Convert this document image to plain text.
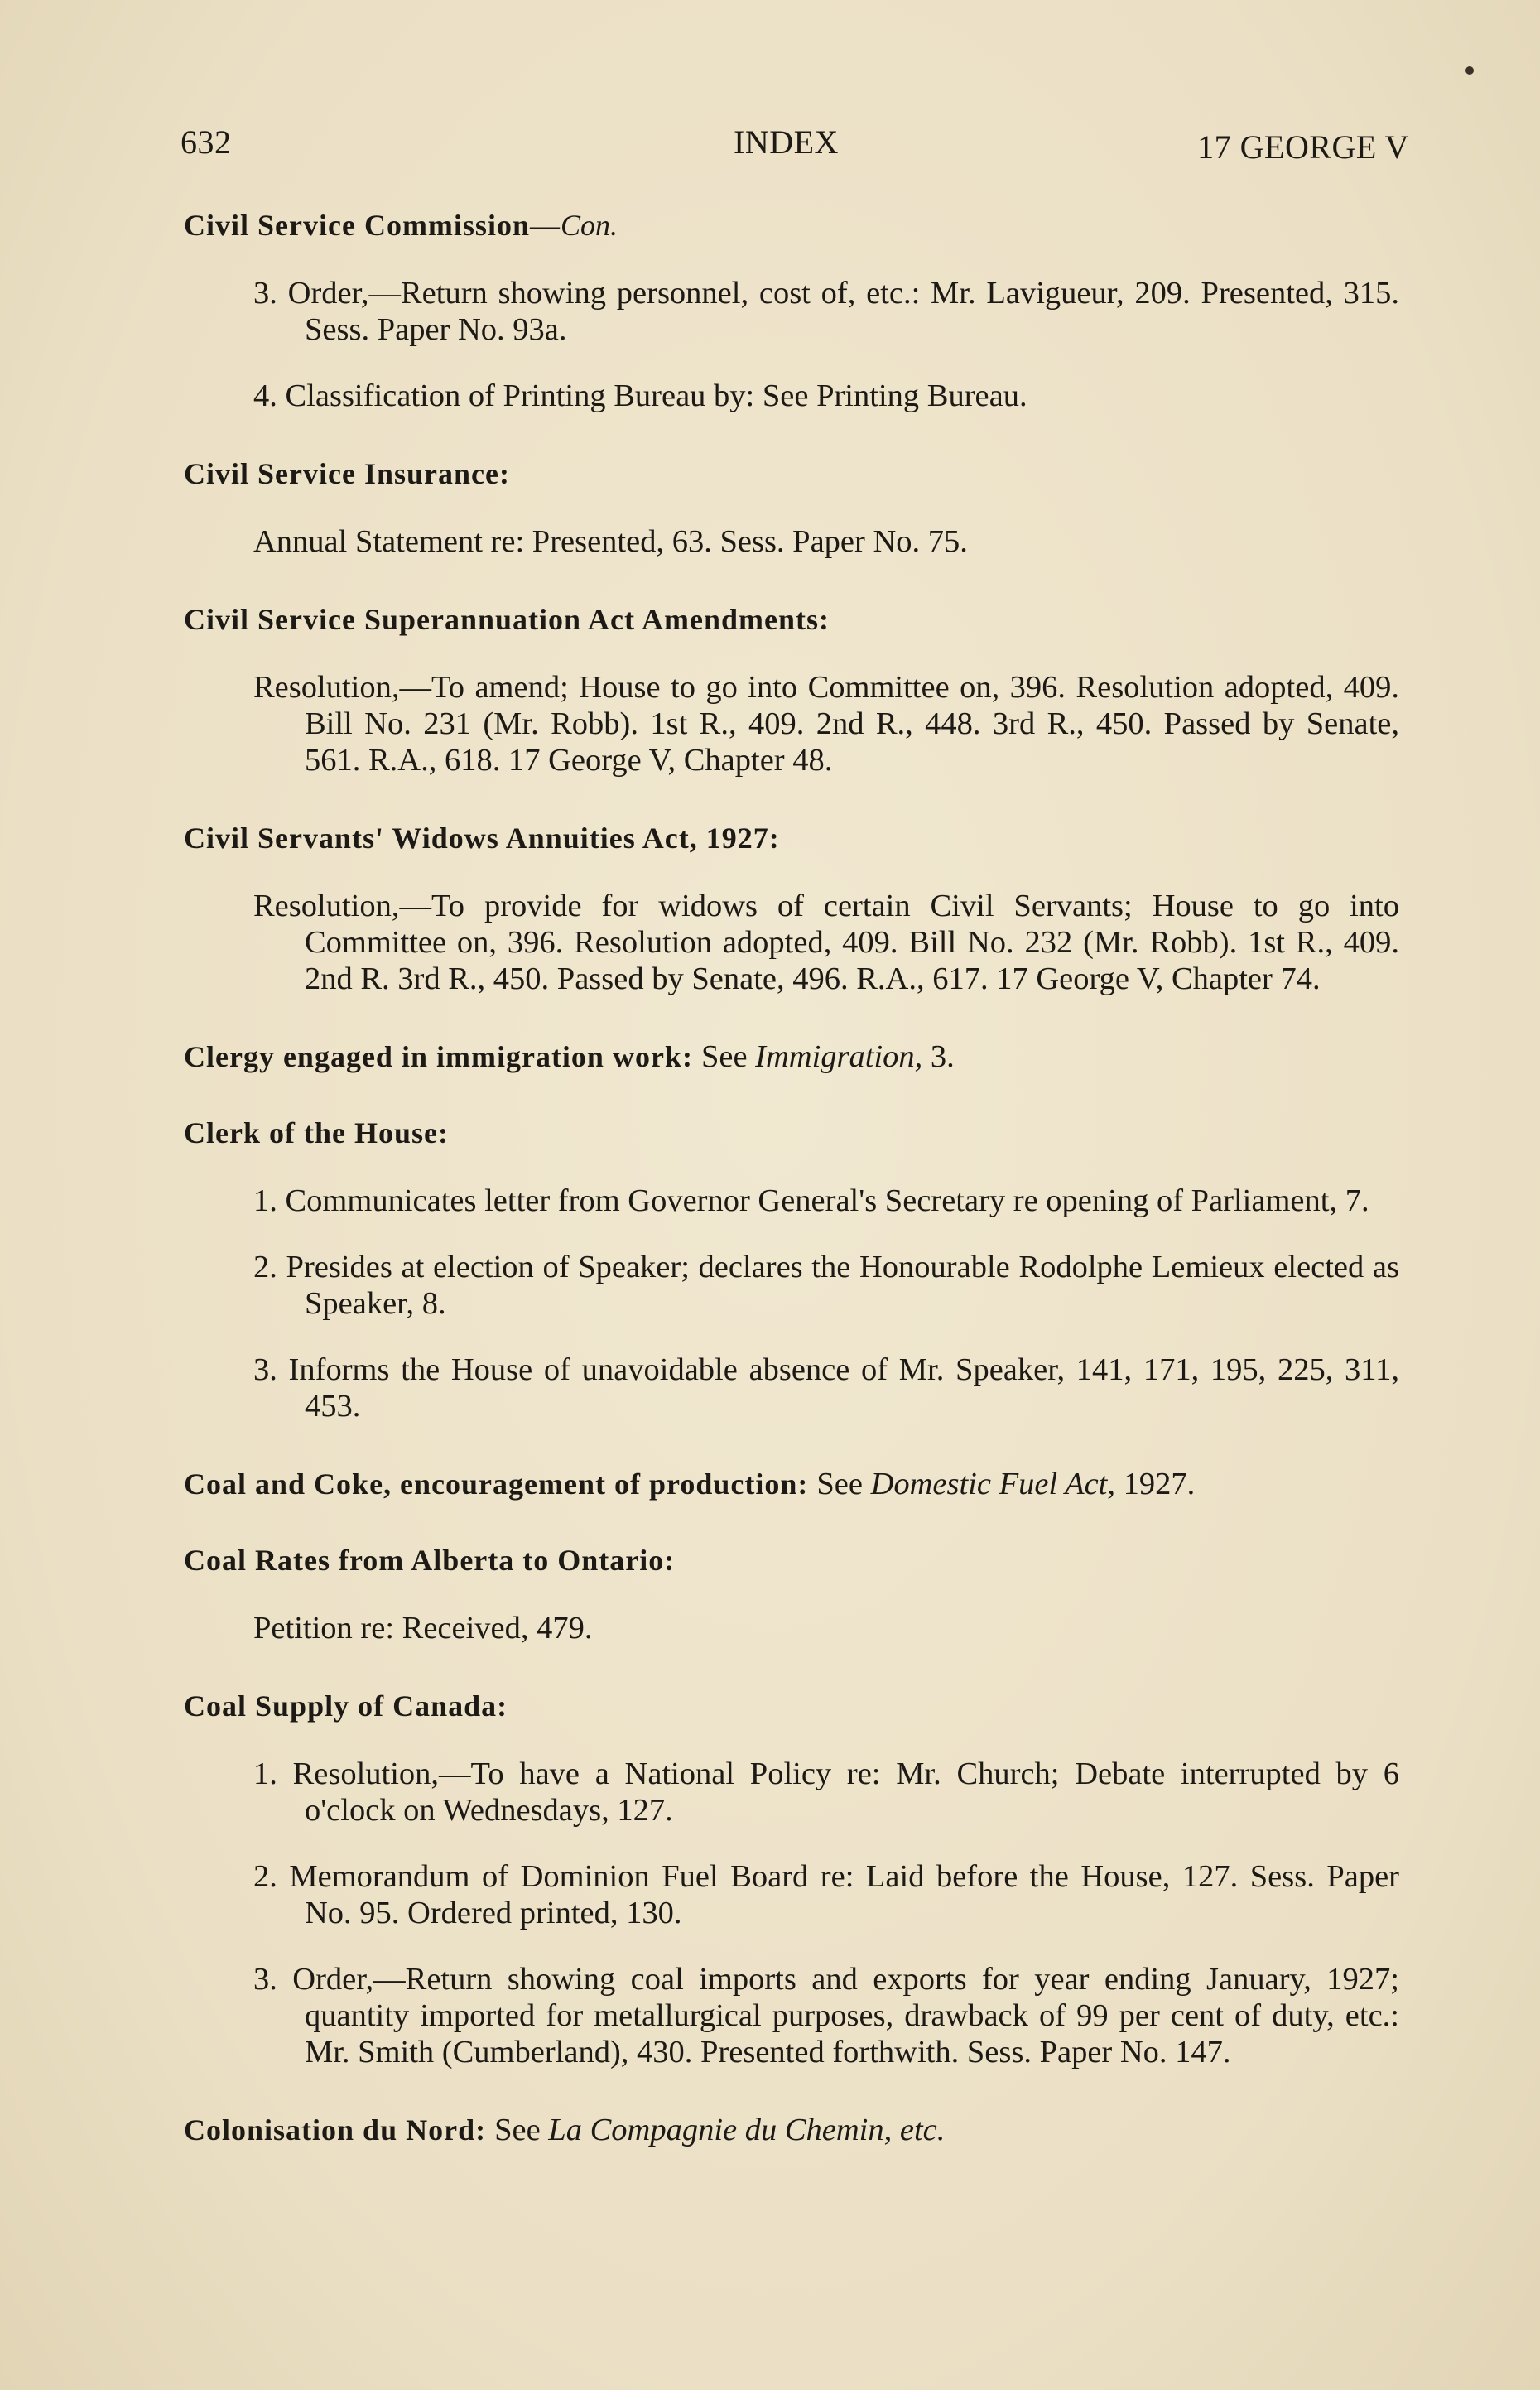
632	INDEX	17 GEORGE V
Civil Service Commission—Con.
3. Order,—Return showing personnel, cost of, etc.: Mr. Lavigueur, 209. Presented, 315. Sess. Paper No. 93a.
4. Classification of Printing Bureau by: See Printing Bureau.
Civil Service Insurance:
Annual Statement re: Presented, 63. Sess. Paper No. 75.
Civil Service Superannuation Act Amendments:
Resolution,—To amend; House to go into Committee on, 396. Resolution adopted, 409. Bill No. 231 (Mr. Robb). 1st R., 409. 2nd R., 448. 3rd R., 450. Passed by Senate, 561. R.A., 618. 17 George V, Chapter 48.
Civil Servants' Widows Annuities Act, 1927:
Resolution,—To provide for widows of certain Civil Servants; House to go into Committee on, 396. Resolution adopted, 409. Bill No. 232 (Mr. Robb). 1st R., 409. 2nd R. 3rd R., 450. Passed by Senate, 496. R.A., 617. 17 George V, Chapter 74.
Clergy engaged in immigration work: See Immigration, 3.
Clerk of the House:
1. Communicates letter from Governor General's Secretary re opening of Parliament, 7.
2. Presides at election of Speaker; declares the Honourable Rodolphe Lemieux elected as Speaker, 8.
3. Informs the House of unavoidable absence of Mr. Speaker, 141, 171, 195, 225, 311, 453.
Coal and Coke, encouragement of production: See Domestic Fuel Act, 1927.
Coal Rates from Alberta to Ontario:
Petition re: Received, 479.
Coal Supply of Canada:
1. Resolution,—To have a National Policy re: Mr. Church; Debate interrupted by 6 o'clock on Wednesdays, 127.
2. Memorandum of Dominion Fuel Board re: Laid before the House, 127. Sess. Paper No. 95. Ordered printed, 130.
3. Order,—Return showing coal imports and exports for year ending January, 1927; quantity imported for metallurgical purposes, drawback of 99 per cent of duty, etc.: Mr. Smith (Cumberland), 430. Presented forthwith. Sess. Paper No. 147.
Colonisation du Nord: See La Compagnie du Chemin, etc.
